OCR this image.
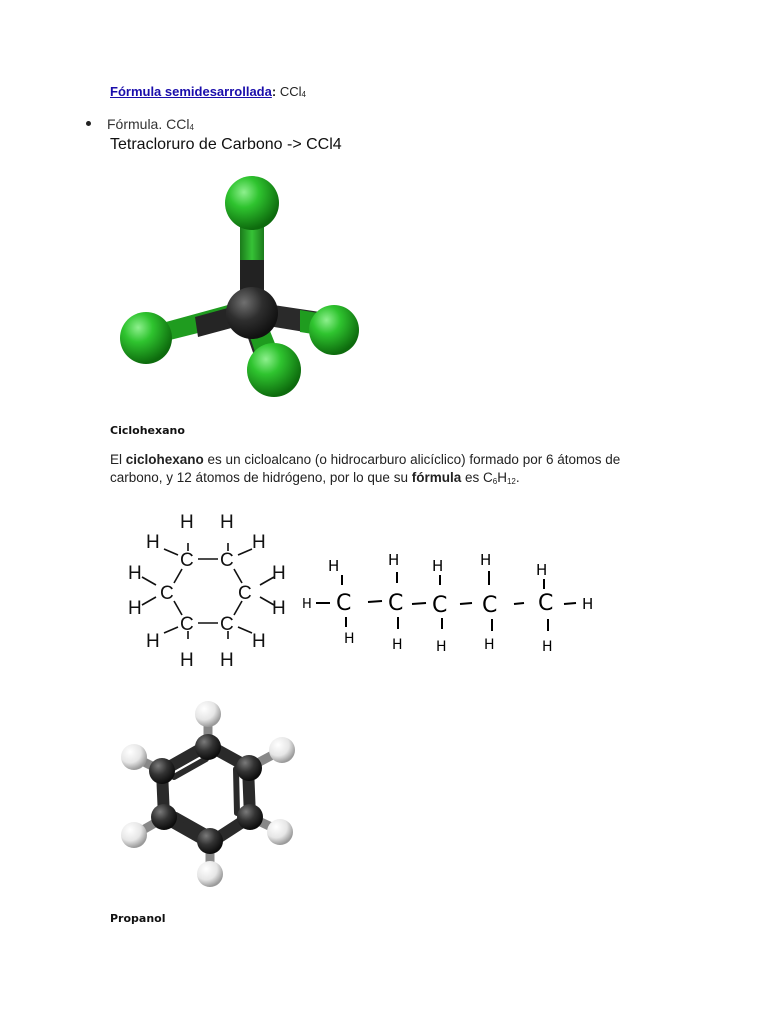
Fórmula semidesarrollada: CCl4
Fórmula. CCl4
Tetracloruro de Carbono -> CCl4
Ciclohexano
El ciclohexano es un cicloalcano (o hidrocarburo alicíclico) formado por 6 átomos de carbono, y 12 átomos de hidrógeno, por lo que su fórmula es C6H12.
C C
C	C
C C
H H
H	H
H	H
H	H
H	H
H H
H	H H H
H
H	H H	H	H
C C C C C
H	H
Propanol
